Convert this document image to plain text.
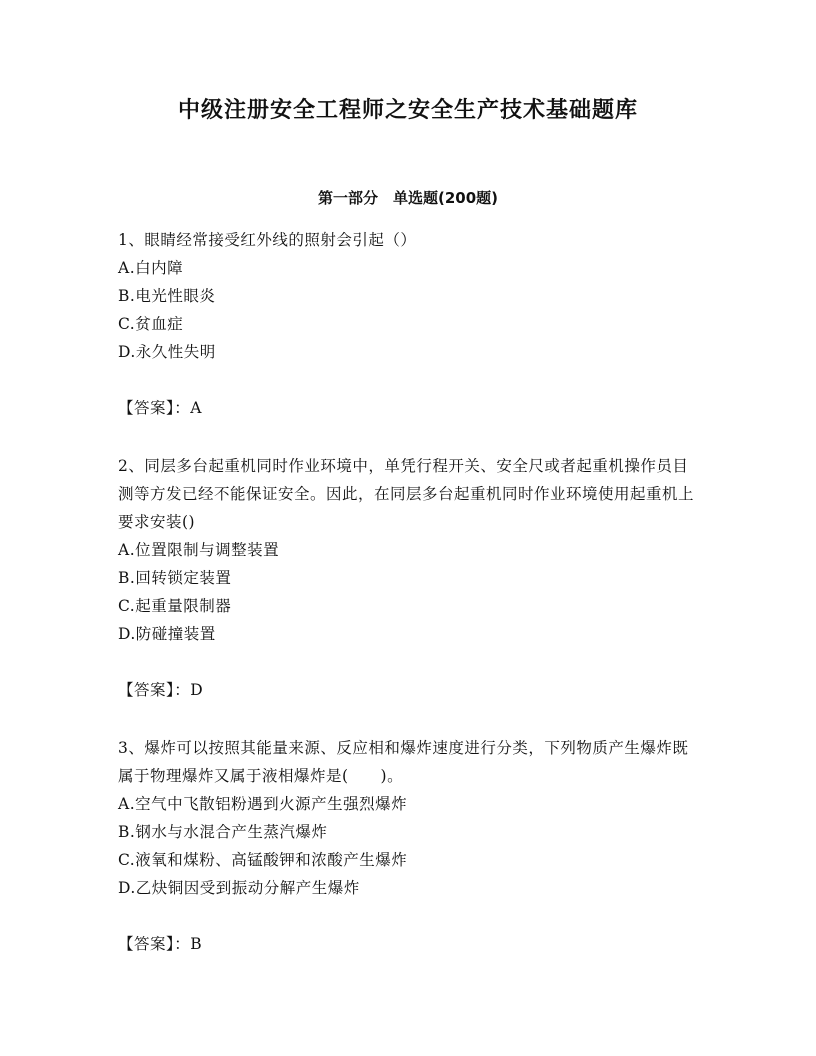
中级注册安全工程师之安全生产技术基础题库
第一部分　单选题(200题)

1、眼睛经常接受红外线的照射会引起（）

A.白内障

B.电光性眼炎

C.贫血症

D.永久性失明

【答案】：A

2、同层多台起重机同时作业环境中，单凭行程开关、安全尺或者起重机操作员目测等方发已经不能保证安全。因此，在同层多台起重机同时作业环境使用起重机上要求安装()

A.位置限制与调整装置

B.回转锁定装置

C.起重量限制器

D.防碰撞装置

【答案】：D

3、爆炸可以按照其能量来源、反应相和爆炸速度进行分类，下列物质产生爆炸既属于物理爆炸又属于液相爆炸是(　　)。

A.空气中飞散铝粉遇到火源产生强烈爆炸

B.钢水与水混合产生蒸汽爆炸

C.液氧和煤粉、高锰酸钾和浓酸产生爆炸

D.乙炔铜因受到振动分解产生爆炸

【答案】：B
